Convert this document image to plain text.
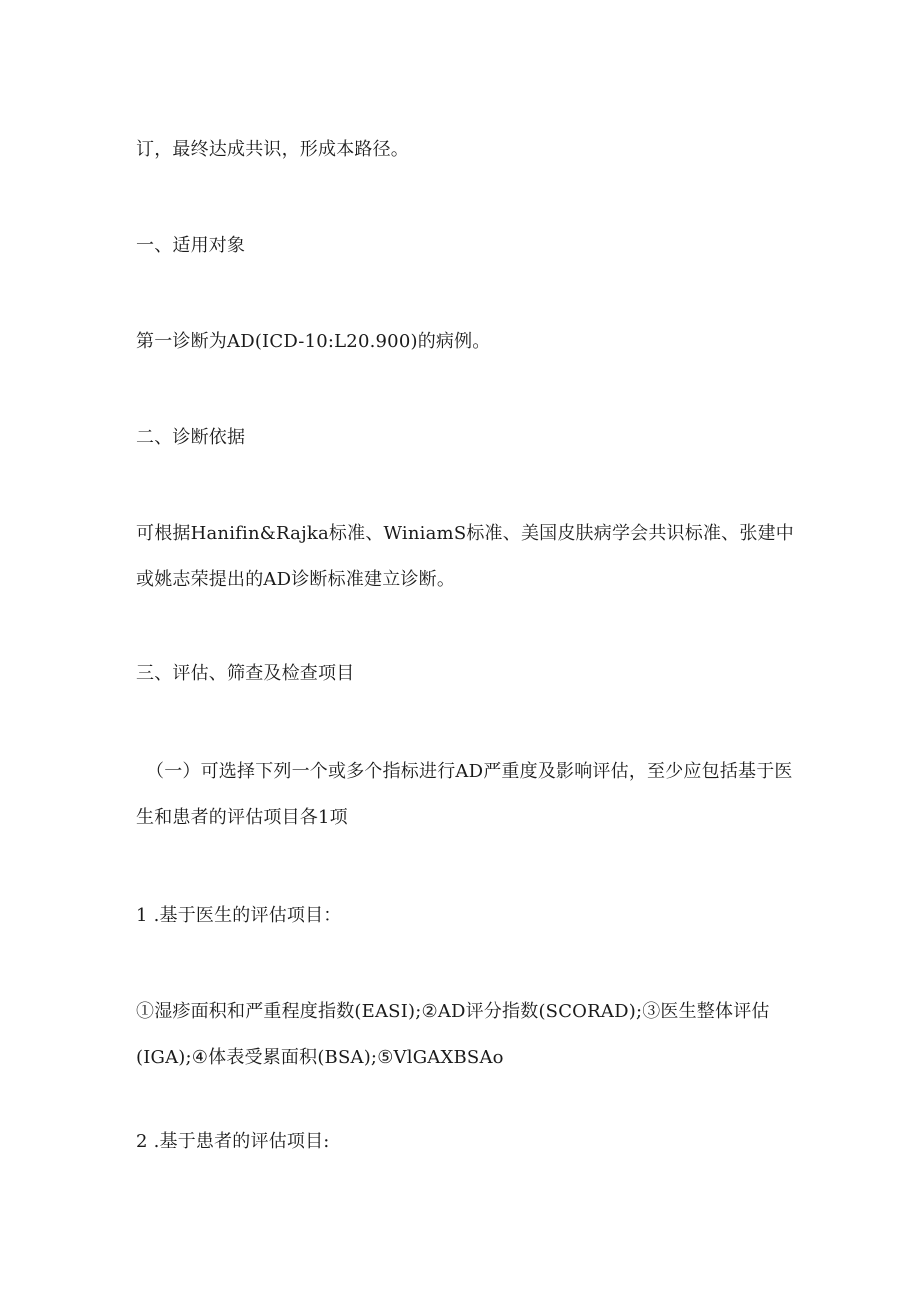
订，最终达成共识，形成本路径。
一、适用对象
第一诊断为AD(ICD-10:L20.900)的病例。
二、诊断依据
可根据Hanifin&Rajka标准、WiniamS标准、美国皮肤病学会共识标准、张建中
或姚志荣提出的AD诊断标准建立诊断。
三、评估、筛查及检查项目
（一）可选择下列一个或多个指标进行AD严重度及影响评估，至少应包括基于医
生和患者的评估项目各1项
1 .基于医生的评估项目：
①湿疹面积和严重程度指数(EASI);②AD评分指数(SCORAD);③医生整体评估
(IGA);④体表受累面积(BSA);⑤VlGAXBSAo
2 .基于患者的评估项目:
